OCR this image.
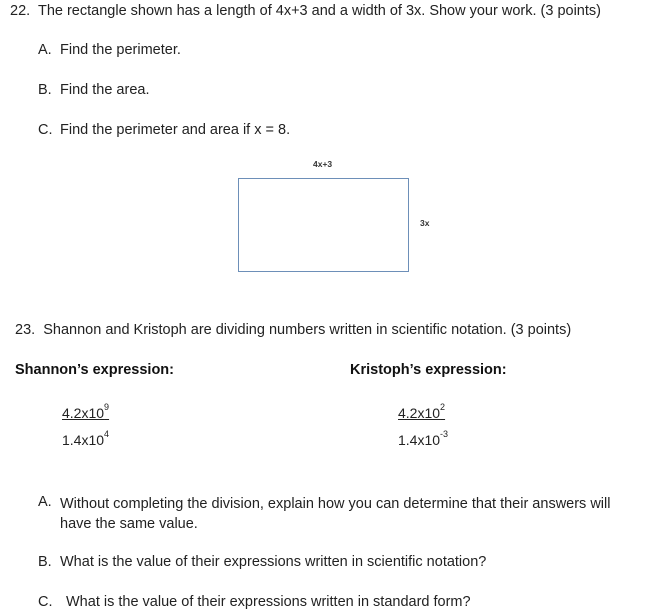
22. The rectangle shown has a length of 4x+3 and a width of 3x. Show your work. (3 points)
A. Find the perimeter.
B. Find the area.
C. Find the perimeter and area if x = 8.
4x+3
3x
23. Shannon and Kristoph are dividing numbers written in scientific notation. (3 points)
Shannon’s expression:	Kristoph’s expression:
$4.2x10^9$
$1.4x10^4$
$4.2x10^2$
$1.4x10^{-3}$
A. Without completing the division, explain how you can determine that their answers will have the same value.
B. What is the value of their expressions written in scientific notation?
C. What is the value of their expressions written in standard form?
